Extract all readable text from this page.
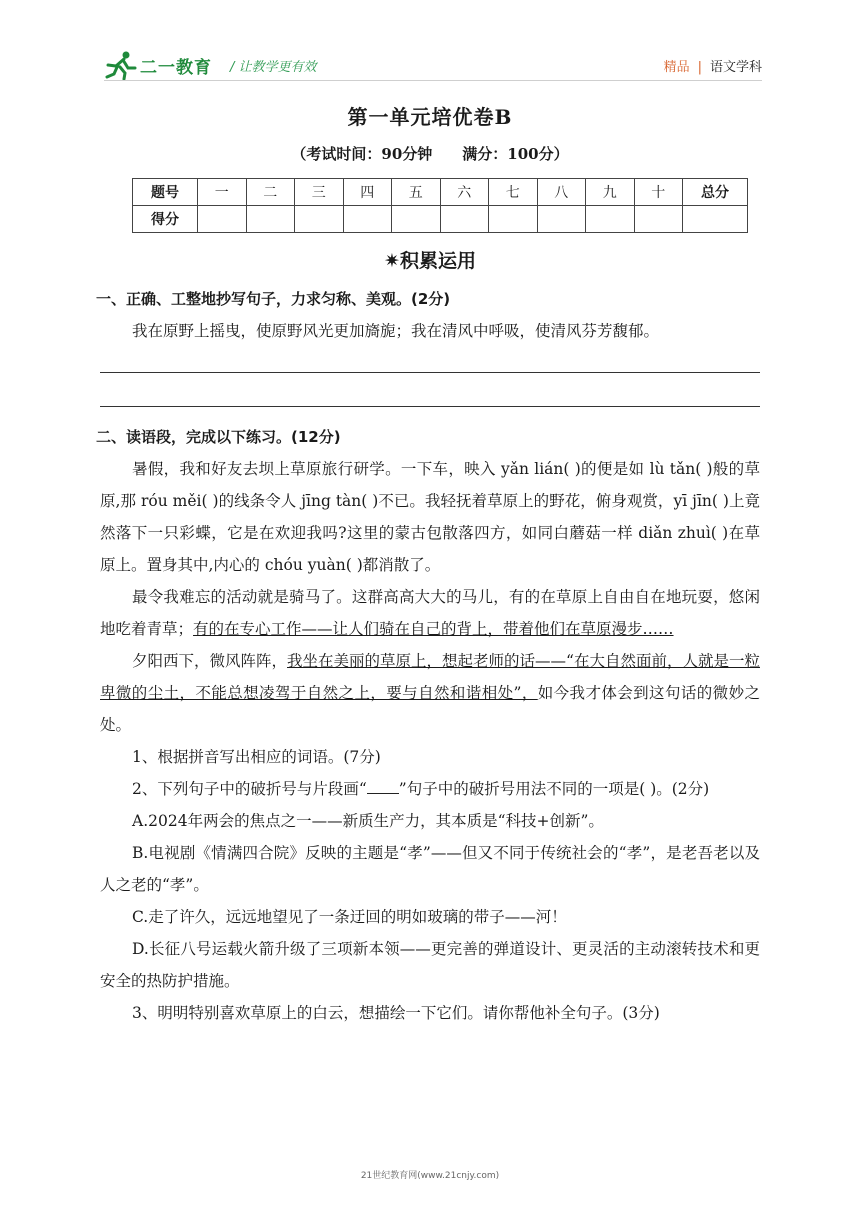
二一教育 / 让教学更有效	精品 | 语文学科
第一单元培优卷B
（考试时间：90分钟 满分：100分）
题号	一	二	三	四	五	六	七	八	九	十	总分
得分											
✷积累运用
一、正确、工整地抄写句子，力求匀称、美观。(2分)

我在原野上摇曳，使原野风光更加旖旎；我在清风中呼吸，使清风芬芳馥郁。

二、读语段，完成以下练习。(12分)

暑假，我和好友去坝上草原旅行研学。一下车，映入 yǎn lián( )的便是如 lù tǎn( )般的草原,那 róu měi( )的线条令人 jīng tàn( )不已。我轻抚着草原上的野花，俯身观赏，yī jīn( )上竟然落下一只彩蝶，它是在欢迎我吗?这里的蒙古包散落四方，如同白蘑菇一样 diǎn zhuì( )在草原上。置身其中,内心的 chóu yuàn( )都消散了。

最令我难忘的活动就是骑马了。这群高高大大的马儿，有的在草原上自由自在地玩耍，悠闲地吃着青草；有的在专心工作——让人们骑在自己的背上，带着他们在草原漫步……

夕阳西下，微风阵阵，我坐在美丽的草原上，想起老师的话——“在大自然面前，人就是一粒卑微的尘土，不能总想凌驾于自然之上，要与自然和谐相处”，如今我才体会到这句话的微妙之处。

1、根据拼音写出相应的词语。(7分)

2、下列句子中的破折号与片段画“ ”句子中的破折号用法不同的一项是( )。(2分)

A.2024年两会的焦点之一——新质生产力，其本质是“科技+创新”。

B.电视剧《情满四合院》反映的主题是“孝”——但又不同于传统社会的“孝”，是老吾老以及人之老的“孝”。

C.走了许久，远远地望见了一条迂回的明如玻璃的带子——河！

D.长征八号运载火箭升级了三项新本领——更完善的弹道设计、更灵活的主动滚转技术和更安全的热防护措施。

3、明明特别喜欢草原上的白云，想描绘一下它们。请你帮他补全句子。(3分)

21世纪教育网(www.21cnjy.com)
